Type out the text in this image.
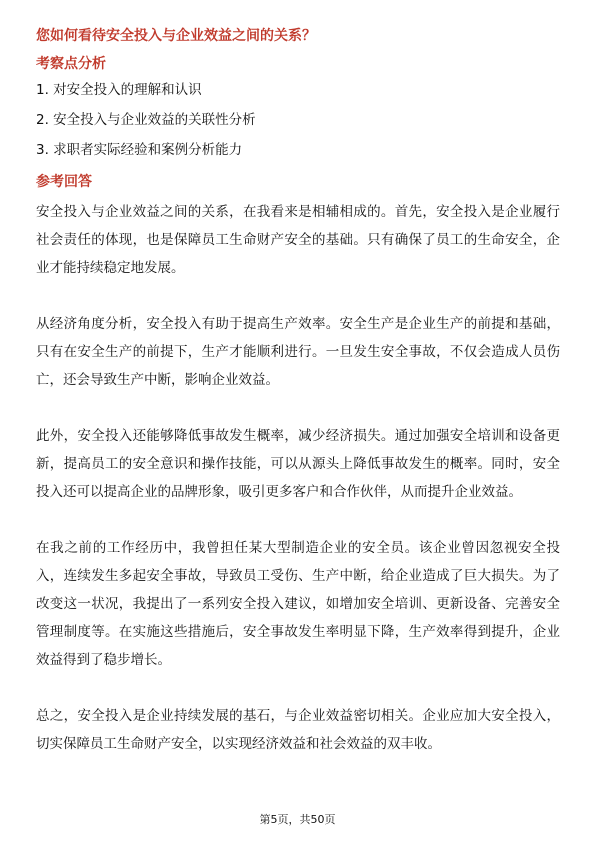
您如何看待安全投入与企业效益之间的关系？
考察点分析
1. 对安全投入的理解和认识
2. 安全投入与企业效益的关联性分析
3. 求职者实际经验和案例分析能力
参考回答

安全投入与企业效益之间的关系，在我看来是相辅相成的。首先，安全投入是企业履行社会责任的体现，也是保障员工生命财产安全的基础。只有确保了员工的生命安全，企业才能持续稳定地发展。

从经济角度分析，安全投入有助于提高生产效率。安全生产是企业生产的前提和基础，只有在安全生产的前提下，生产才能顺利进行。一旦发生安全事故，不仅会造成人员伤亡，还会导致生产中断，影响企业效益。

此外，安全投入还能够降低事故发生概率，减少经济损失。通过加强安全培训和设备更新，提高员工的安全意识和操作技能，可以从源头上降低事故发生的概率。同时，安全投入还可以提高企业的品牌形象，吸引更多客户和合作伙伴，从而提升企业效益。

在我之前的工作经历中，我曾担任某大型制造企业的安全员。该企业曾因忽视安全投入，连续发生多起安全事故，导致员工受伤、生产中断，给企业造成了巨大损失。为了改变这一状况，我提出了一系列安全投入建议，如增加安全培训、更新设备、完善安全管理制度等。在实施这些措施后，安全事故发生率明显下降，生产效率得到提升，企业效益得到了稳步增长。

总之，安全投入是企业持续发展的基石，与企业效益密切相关。企业应加大安全投入，切实保障员工生命财产安全，以实现经济效益和社会效益的双丰收。

第5页，共50页
